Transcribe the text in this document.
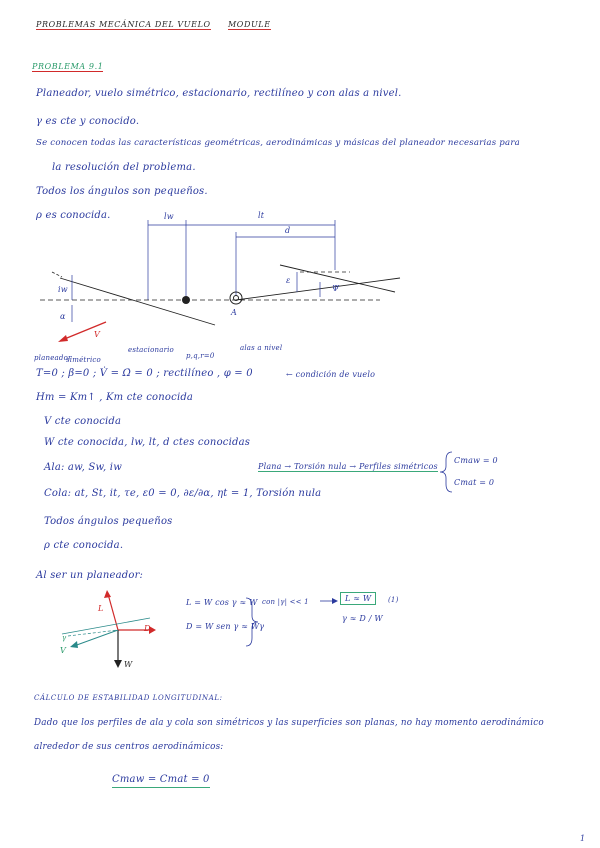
PROBLEMAS MECÁNICA DEL VUELO MODULE
PROBLEMA 9.1
Planeador, vuelo simétrico, estacionario, rectilíneo y con alas a nivel.
γ es cte y conocido.
Se conocen todas las características geométricas, aerodinámicas y másicas del planeador necesarias para
la resolución del problema.
Todos los ángulos son pequeños.
ρ es conocida.	lw	lt
d
iw
α
ε
Ψ
V
A
planeador
simétrico
estacionario
p,q,r=0
alas a nivel
T=0 ; β=0 ; V̇ = Ω̇ = 0 ; rectilíneo , φ = 0	← condición de vuelo
Hm = Km↑ , Km cte conocida
V cte conocida
W cte conocida, lw, lt, d ctes conocidas
Ala: aw, Sw, iw
Cola: at, St, it, τe, ε0 = 0, ∂ε/∂α, ηt = 1, Torsión nula
Todos ángulos pequeños
ρ cte conocida.
Plana → Torsión nula → Perfiles simétricos
Cmaw = 0
Cmat = 0
Al ser un planeador:
L
D
W
V
γ
L = W cos γ ≈ W
D = W sen γ ≈ Wγ
con |γ| << 1	L ≈ W	(1)
γ ≈ D / W
CÁLCULO DE ESTABILIDAD LONGITUDINAL:
Dado que los perfiles de ala y cola son simétricos y las superficies son planas, no hay momento aerodinámico
alrededor de sus centros aerodinámicos:
Cmaw = Cmat = 0
1
